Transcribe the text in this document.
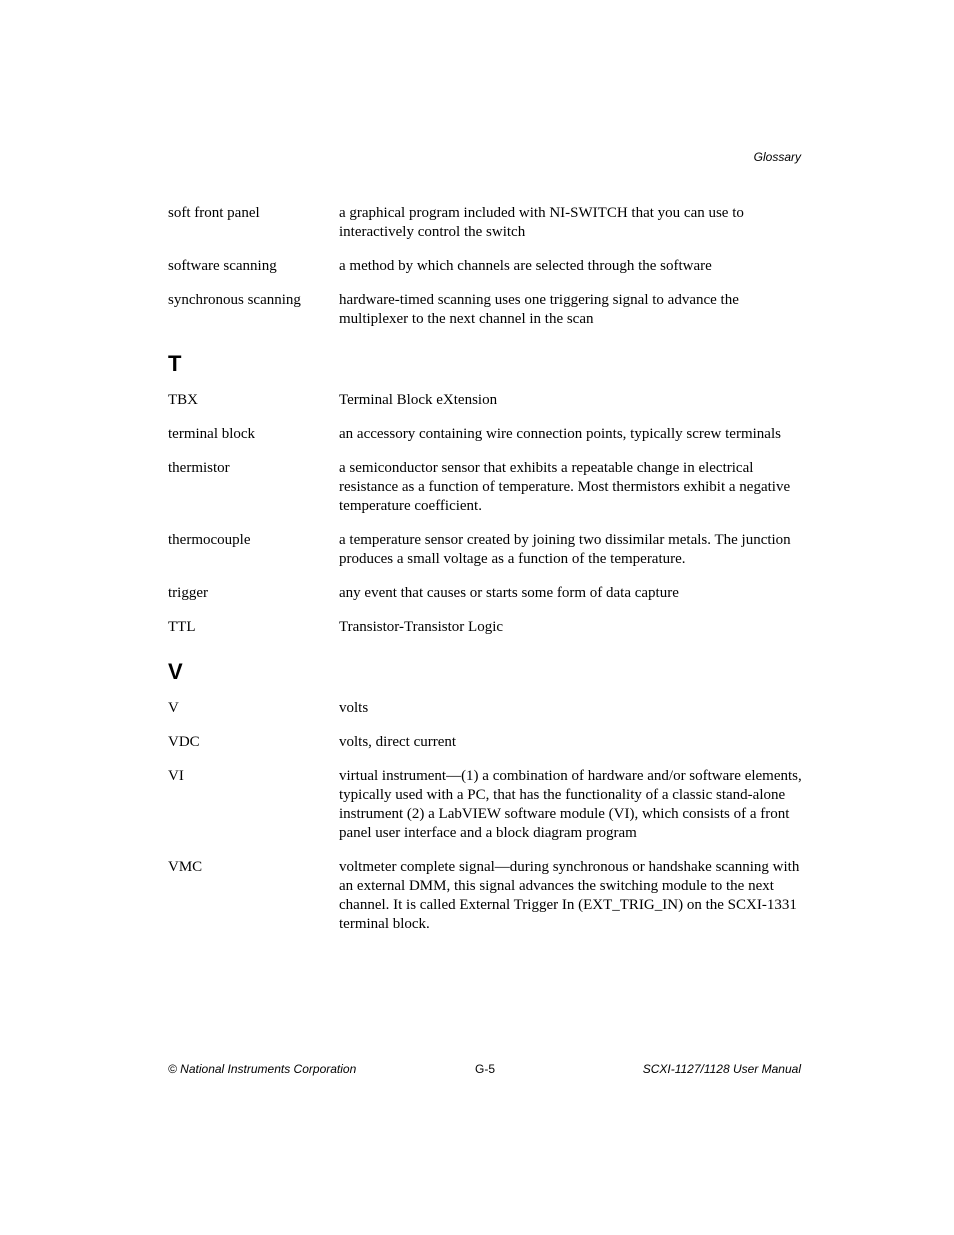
Glossary
soft front panel	a graphical program included with NI-SWITCH that you can use to interactively control the switch
software scanning	a method by which channels are selected through the software
synchronous scanning	hardware-timed scanning uses one triggering signal to advance the multiplexer to the next channel in the scan
T
TBX	Terminal Block eXtension
terminal block	an accessory containing wire connection points, typically screw terminals
thermistor	a semiconductor sensor that exhibits a repeatable change in electrical resistance as a function of temperature. Most thermistors exhibit a negative temperature coefficient.
thermocouple	a temperature sensor created by joining two dissimilar metals. The junction produces a small voltage as a function of the temperature.
trigger	any event that causes or starts some form of data capture
TTL	Transistor-Transistor Logic
V
V	volts
VDC	volts, direct current
VI	virtual instrument—(1) a combination of hardware and/or software elements, typically used with a PC, that has the functionality of a classic stand-alone instrument (2) a LabVIEW software module (VI), which consists of a front panel user interface and a block diagram program
VMC	voltmeter complete signal—during synchronous or handshake scanning with an external DMM, this signal advances the switching module to the next channel. It is called External Trigger In (EXT_TRIG_IN) on the SCXI-1331 terminal block.
© National Instruments Corporation	G-5	SCXI-1127/1128 User Manual
